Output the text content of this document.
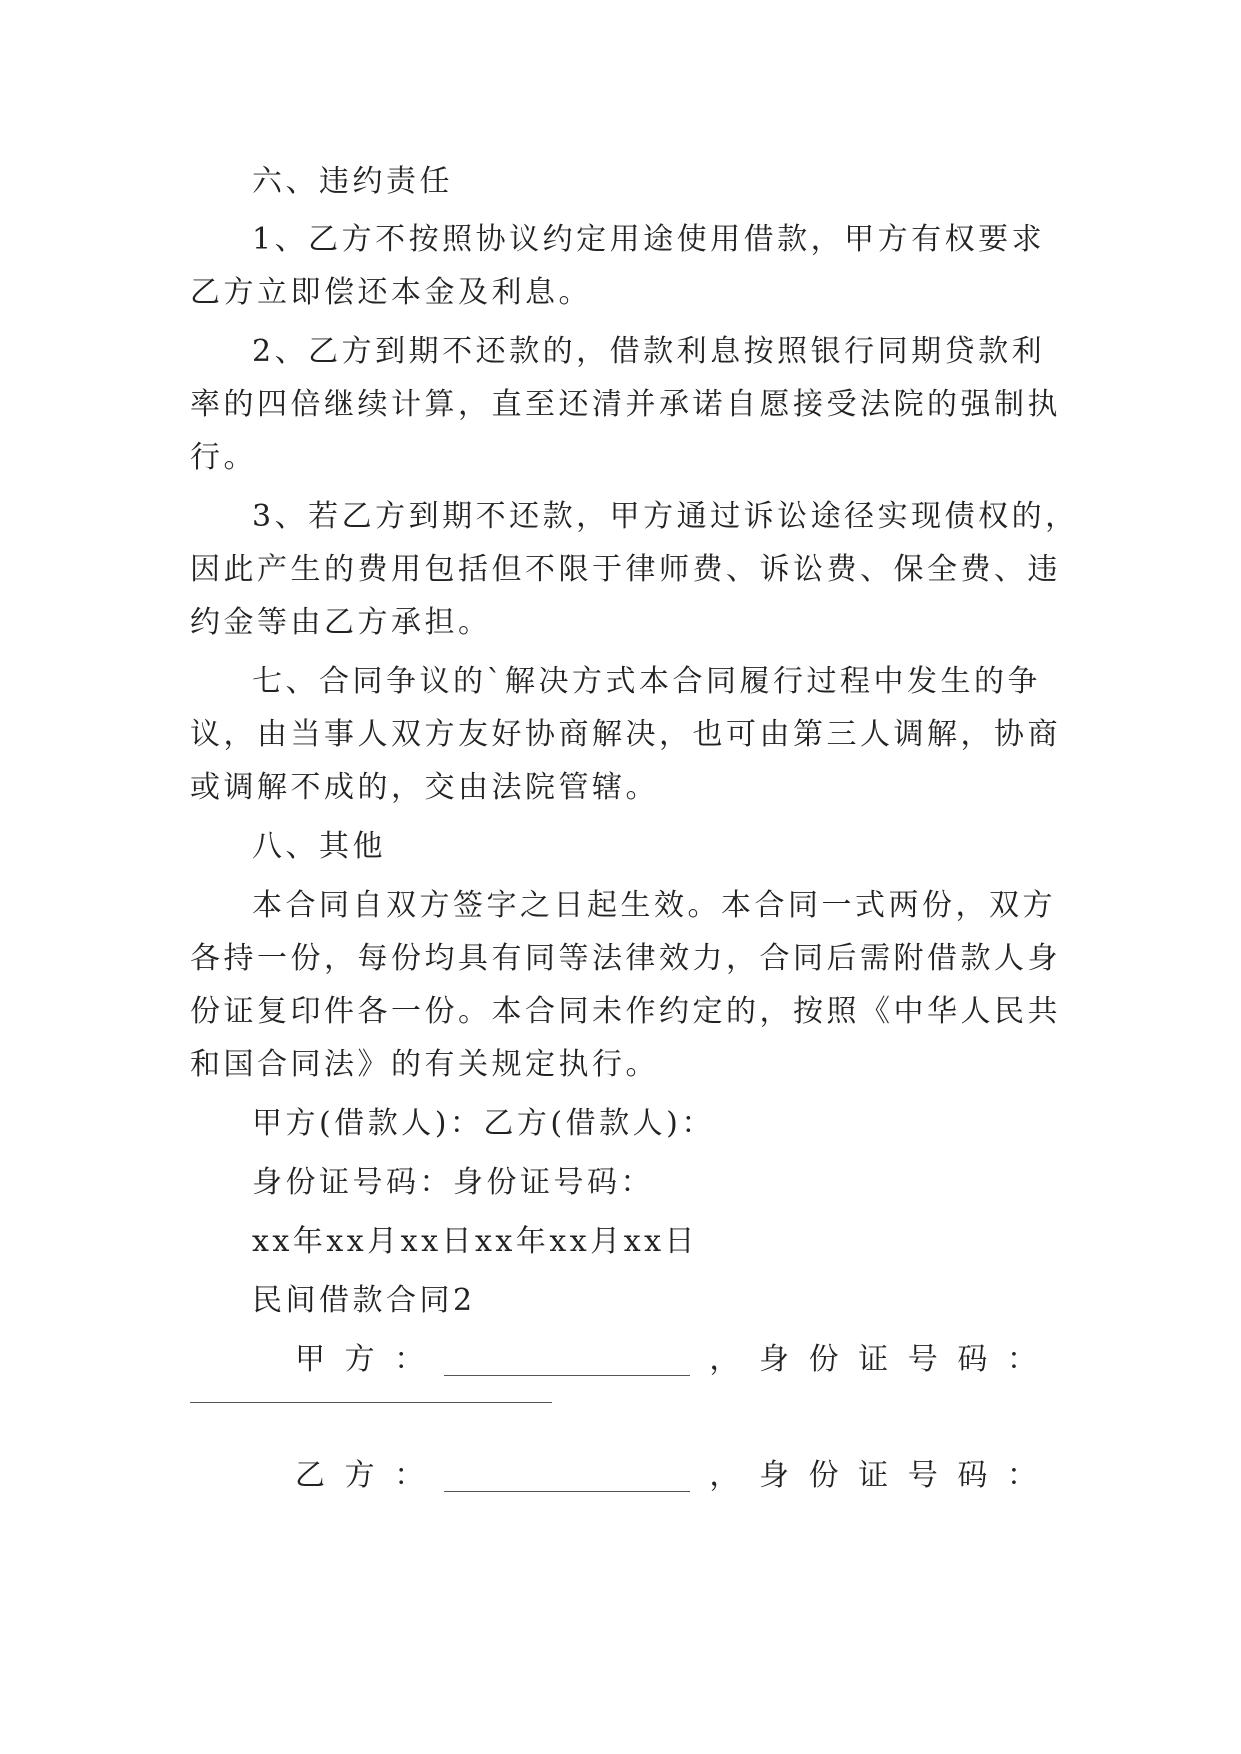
六、违约责任
1、乙方不按照协议约定用途使用借款，甲方有权要求
乙方立即偿还本金及利息。
2、乙方到期不还款的，借款利息按照银行同期贷款利
率的四倍继续计算，直至还清并承诺自愿接受法院的强制执
行。
3、若乙方到期不还款，甲方通过诉讼途径实现债权的，
因此产生的费用包括但不限于律师费、诉讼费、保全费、违
约金等由乙方承担。
七、合同争议的`解决方式本合同履行过程中发生的争
议，由当事人双方友好协商解决，也可由第三人调解，协商
或调解不成的，交由法院管辖。
八、其他
本合同自双方签字之日起生效。本合同一式两份，双方
各持一份，每份均具有同等法律效力，合同后需附借款人身
份证复印件各一份。本合同未作约定的，按照《中华人民共
和国合同法》的有关规定执行。
甲方(借款人)：乙方(借款人)：
身份证号码：身份证号码：
xx年xx月xx日xx年xx月xx日
民间借款合同2
甲 方 ：	， 身 份 证 号 码 ：
乙 方 ：	， 身 份 证 号 码 ：
